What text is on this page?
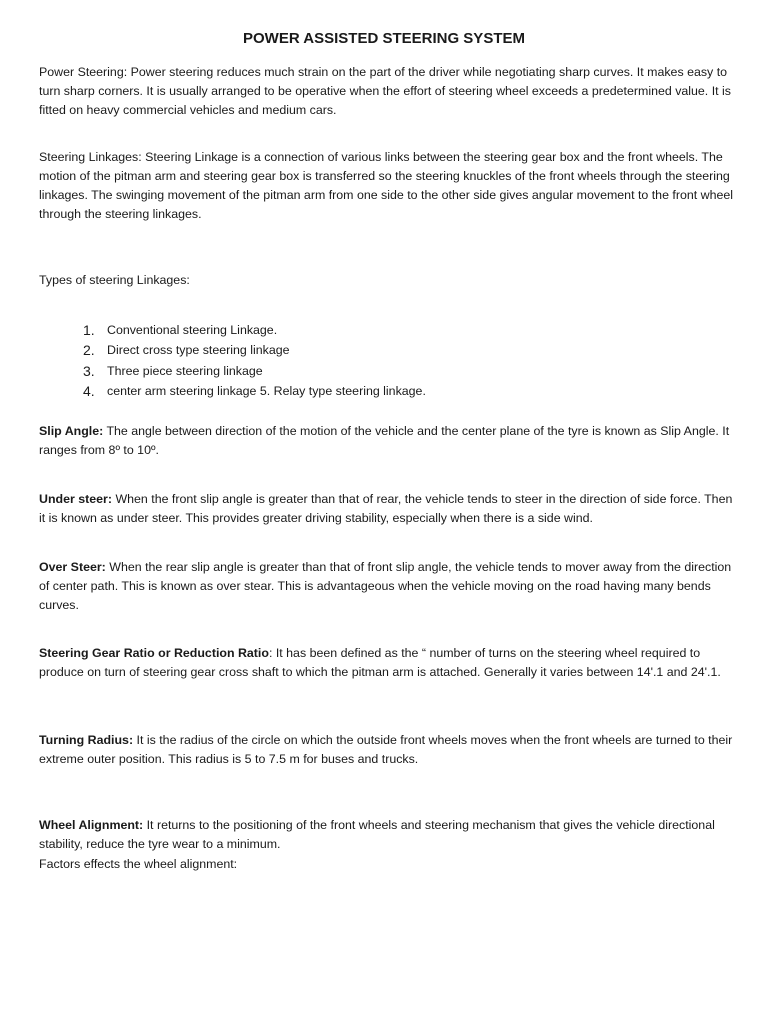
POWER ASSISTED STEERING SYSTEM

Power Steering: Power steering reduces much strain on the part of the driver while negotiating sharp curves. It makes easy to turn sharp corners. It is usually arranged to be operative when the effort of steering wheel exceeds a predetermined value. It is fitted on heavy commercial vehicles and medium cars.

Steering Linkages: Steering Linkage is a connection of various links between the steering gear box and the front wheels. The motion of the pitman arm and steering gear box is transferred so the steering knuckles of the front wheels through the steering linkages. The swinging movement of the pitman arm from one side to the other side gives angular movement to the front wheel through the steering linkages.

Types of steering Linkages:

1. Conventional steering Linkage.
2. Direct cross type steering linkage
3. Three piece steering linkage
4. center arm steering linkage 5. Relay type steering linkage.

Slip Angle: The angle between direction of the motion of the vehicle and the center plane of the tyre is known as Slip Angle. It ranges from 8º to 10º.

Under steer: When the front slip angle is greater than that of rear, the vehicle tends to steer in the direction of side force. Then it is known as under steer. This provides greater driving stability, especially when there is a side wind.

Over Steer: When the rear slip angle is greater than that of front slip angle, the vehicle tends to mover away from the direction of center path. This is known as over stear. This is advantageous when the vehicle moving on the road having many bends curves.

Steering Gear Ratio or Reduction Ratio: It has been defined as the “ number of turns on the steering wheel required to produce on turn of steering gear cross shaft to which the pitman arm is attached. Generally it varies between 14'.1 and 24'.1.

Turning Radius: It is the radius of the circle on which the outside front wheels moves when the front wheels are turned to their extreme outer position. This radius is 5 to 7.5 m for buses and trucks.

Wheel Alignment: It returns to the positioning of the front wheels and steering mechanism that gives the vehicle directional stability, reduce the tyre wear to a minimum.

Factors effects the wheel alignment:
